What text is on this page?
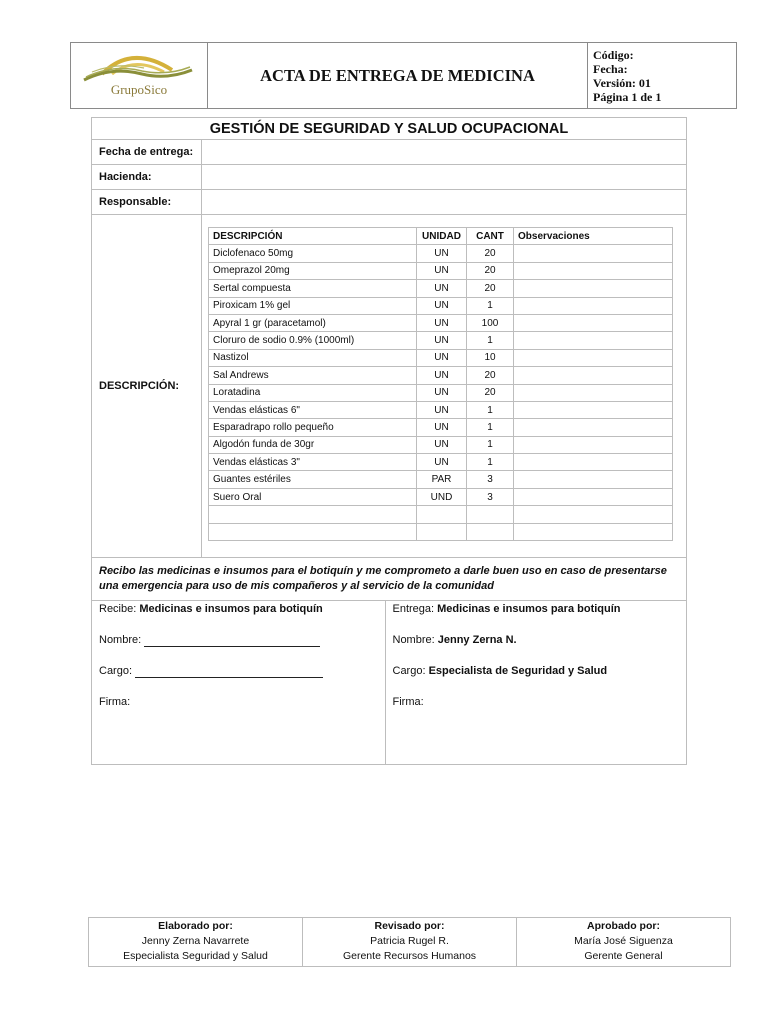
GrupoSico
	ACTA DE ENTREGA DE MEDICINA	
Código:
Fecha:
Versión: 01
Página 1 de 1
GESTIÓN DE SEGURIDAD Y SALUD OCUPACIONAL
Fecha de entrega:	
Hacienda:	
Responsable:	
DESCRIPCIÓN:	
DESCRIPCIÓN	UNIDAD	CANT	Observaciones
Diclofenaco 50mg	UN	20	
Omeprazol 20mg	UN	20	
Sertal compuesta	UN	20	
Piroxicam 1% gel	UN	1	
Apyral 1 gr (paracetamol)	UN	100	
Cloruro de sodio 0.9% (1000ml)	UN	1	
Nastizol	UN	10	
Sal Andrews	UN	20	
Loratadina	UN	20	
Vendas elásticas 6"	UN	1	
Esparadrapo rollo pequeño	UN	1	
Algodón funda de 30gr	UN	1	
Vendas elásticas 3"	UN	1	
Guantes estériles	PAR	3	
Suero Oral	UND	3	

Recibo las medicinas e insumos para el botiquín y me comprometo a darle buen uso en caso de presentarse una emergencia para uso de mis compañeros y al servicio de la comunidad

Recibe: Medicinas e insumos para botiquín
Nombre:
Cargo:
Firma:

Entrega: Medicinas e insumos para botiquín
Nombre: Jenny Zerna N.
Cargo: Especialista de Seguridad y Salud
Firma:
Elaborado por:
Jenny Zerna Navarrete
Especialista Seguridad y Salud

Revisado por:
Patricia Rugel R.
Gerente Recursos Humanos

Aprobado por:
María José Siguenza
Gerente General
